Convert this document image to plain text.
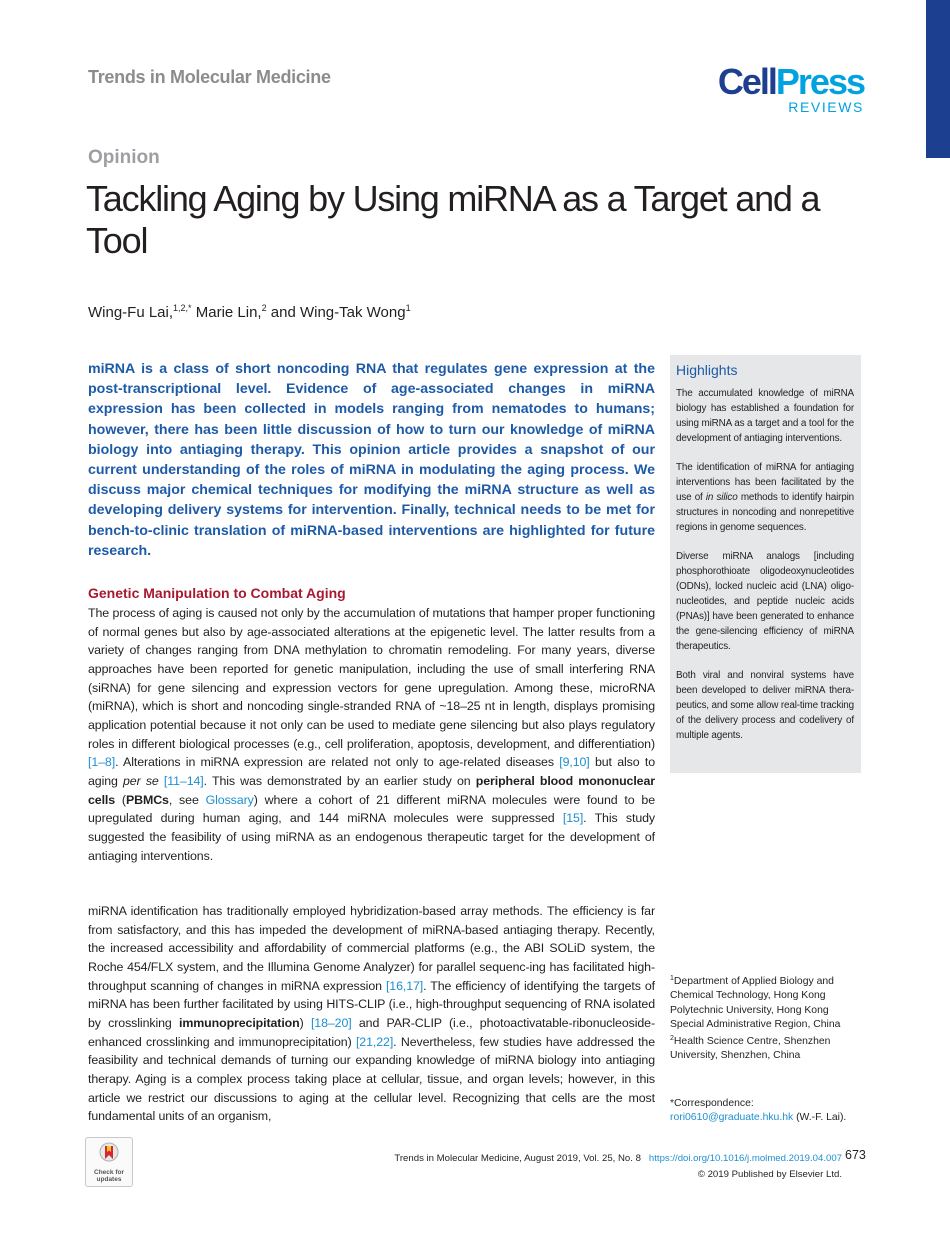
Trends in Molecular Medicine	CellPress
REVIEWS
Opinion
Tackling Aging by Using miRNA as a Target and a Tool
Wing-Fu Lai,$^{1,2,*}$ Marie Lin,$^2$ and Wing-Tak Wong$^1$

miRNA is a class of short noncoding RNA that regulates gene expression at the post-transcriptional level. Evidence of age-associated changes in miRNA expression has been collected in models ranging from nematodes to humans; however, there has been little discussion of how to turn our knowledge of miRNA biology into antiaging therapy. This opinion article provides a snapshot of our current understanding of the roles of miRNA in modulating the aging process. We discuss major chemical techniques for modifying the miRNA structure as well as developing delivery systems for intervention. Finally, technical needs to be met for bench-to-clinic translation of miRNA-based interventions are highlighted for future research.

Highlights

The accumulated knowledge of miRNA biology has established a foundation for using miRNA as a target and a tool for the development of antiaging interventions.

The identification of miRNA for antiaging interventions has been facilitated by the use of in silico methods to identify hairpin structures in noncoding and nonrepetitive regions in genome sequences.

Diverse miRNA analogs [including phosphorothioate oligodeoxynucleotides (ODNs), locked nucleic acid (LNA) oligo-nucleotides, and peptide nucleic acids (PNAs)] have been generated to enhance the gene-silencing efficiency of miRNA therapeutics.

Both viral and nonviral systems have been developed to deliver miRNA thera-peutics, and some allow real-time tracking of the delivery process and codelivery of multiple agents.

Genetic Manipulation to Combat Aging

The process of aging is caused not only by the accumulation of mutations that hamper proper functioning of normal genes but also by age-associated alterations at the epigenetic level. The latter results from a variety of changes ranging from DNA methylation to chromatin remodeling. For many years, diverse approaches have been reported for genetic manipulation, including the use of small interfering RNA (siRNA) for gene silencing and expression vectors for gene upregulation. Among these, microRNA (miRNA), which is short and noncoding single-stranded RNA of ~18–25 nt in length, displays promising application potential because it not only can be used to mediate gene silencing but also plays regulatory roles in different biological processes (e.g., cell proliferation, apoptosis, development, and differentiation) [1–8]. Alterations in miRNA expression are related not only to age-related diseases [9,10] but also to aging per se [11–14]. This was demonstrated by an earlier study on peripheral blood mononuclear cells (PBMCs, see Glossary) where a cohort of 21 different miRNA molecules were found to be upregulated during human aging, and 144 miRNA molecules were suppressed [15]. This study suggested the feasibility of using miRNA as an endogenous therapeutic target for the development of antiaging interventions.

miRNA identification has traditionally employed hybridization-based array methods. The efficiency is far from satisfactory, and this has impeded the development of miRNA-based antiaging therapy. Recently, the increased accessibility and affordability of commercial platforms (e.g., the ABI SOLiD system, the Roche 454/FLX system, and the Illumina Genome Analyzer) for parallel sequenc-ing has facilitated high-throughput scanning of changes in miRNA expression [16,17]. The efficiency of identifying the targets of miRNA has been further facilitated by using HITS-CLIP (i.e., high-throughput sequencing of RNA isolated by crosslinking immunoprecipitation) [18–20] and PAR-CLIP (i.e., photoactivatable-ribonucleoside-enhanced crosslinking and immunoprecipitation) [21,22]. Nevertheless, few studies have addressed the feasibility and technical demands of turning our expanding knowledge of miRNA biology into antiaging therapy. Aging is a complex process taking place at cellular, tissue, and organ levels; however, in this article we restrict our discussions to aging at the cellular level. Recognizing that cells are the most fundamental units of an organism,

$^1$Department of Applied Biology and Chemical Technology, Hong Kong Polytechnic University, Hong Kong Special Administrative Region, China
$^2$Health Science Centre, Shenzhen University, Shenzhen, China
*Correspondence:
rori0610@graduate.hku.hk (W.-F. Lai).
Check for
updates
Trends in Molecular Medicine, August 2019, Vol. 25, No. 8 https://doi.org/10.1016/j.molmed.2019.04.007
© 2019 Published by Elsevier Ltd.
673
